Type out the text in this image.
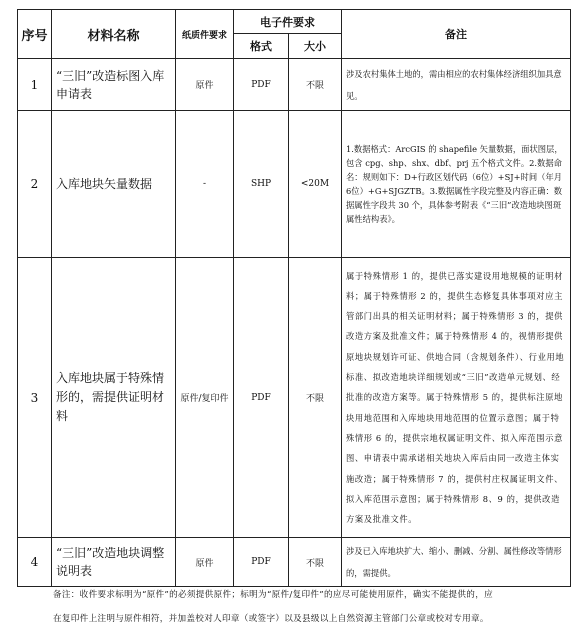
序号	材料名称	纸质件要求	电子件要求		备注
			格式	大小	
1	“三旧”改造标图入库申请表	原件	PDF	不限	涉及农村集体土地的，需由相应的农村集体经济组织加具意见。
2	入库地块矢量数据	-	SHP	<20M	1.数据格式：ArcGIS 的 shapefile 矢量数据，面状图层，包含 cpg、shp、shx、dbf、prj 五个格式文件。2.数据命名：规则如下：D+行政区划代码（6位）+SJ+时间（年月6位）+G+SJGZTB。3.数据属性字段完整及内容正确：数据属性字段共 30 个，具体参考附表《“三旧”改造地块图斑属性结构表》。
3	入库地块属于特殊情形的，需提供证明材料	原件/复印件	PDF	不限	属于特殊情形 1 的，提供已落实建设用地规模的证明材料；属于特殊情形 2 的，提供生态修复具体事项对应主管部门出具的相关证明材料；属于特殊情形 3 的，提供改造方案及批准文件；属于特殊情形 4 的，视情形提供原地块规划许可证、供地合同（含规划条件）、行业用地标准、拟改造地块详细规划或“三旧”改造单元规划、经批准的改造方案等。属于特殊情形 5 的，提供标注原地块用地范围和入库地块用地范围的位置示意图；属于特殊情形 6 的，提供宗地权属证明文件、拟入库范围示意图、申请表中需承诺相关地块入库后由同一改造主体实施改造；属于特殊情形 7 的，提供村庄权属证明文件、拟入库范围示意图；属于特殊情形 8、9 的，提供改造方案及批准文件。
4	“三旧”改造地块调整说明表	原件	PDF	不限	涉及已入库地块扩大、缩小、删减、分割、属性修改等情形的，需提供。
备注：收件要求标明为“原件”的必须提供原件；标明为“原件/复印件”的应尽可能使用原件，确实不能提供的，应
在复印件上注明与原件相符，并加盖校对人印章（或签字）以及县级以上自然资源主管部门公章或校对专用章。
